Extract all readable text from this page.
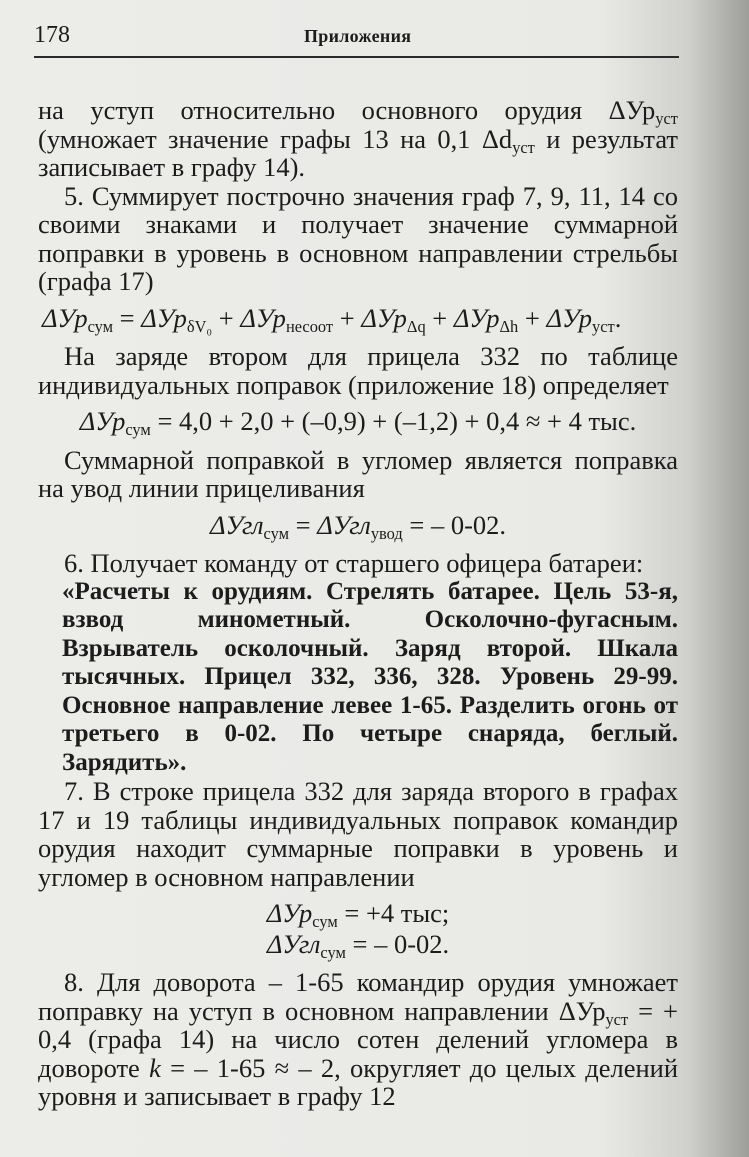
178	Приложения

на уступ относительно основного орудия ΔУр$_{уст}$ (умножает значение графы 13 на 0,1 $\Delta d_{уст}$ и результат записывает в графу 14).

5. Суммирует построчно значения граф 7, 9, 11, 14 со своими знаками и получает значение суммарной поправки в уровень в основном направлении стрельбы (графа 17)

ΔУр$_{сум}$ = ΔУр$_{\delta V_0}$ + ΔУр$_{несоот}$ + ΔУр$_{\Delta q}$ + ΔУр$_{\Delta h}$ + ΔУр$_{уст}$.

На заряде втором для прицела 332 по таблице индивидуальных поправок (приложение 18) определяет

ΔУр$_{сум}$ = 4,0 + 2,0 + (–0,9) + (–1,2) + 0,4 ≈ + 4 тыс.

Суммарной поправкой в угломер является поправка на увод линии прицеливания

ΔУгл$_{сум}$ = ΔУгл$_{увод}$ = – 0-02.

6. Получает команду от старшего офицера батареи:

«Расчеты к орудиям. Стрелять батарее. Цель 53-я, взвод минометный. Осколочно-фугасным. Взрыватель осколочный. Заряд второй. Шкала тысячных. Прицел 332, 336, 328. Уровень 29-99. Основное направление левее 1-65. Разделить огонь от третьего в 0-02. По четыре снаряда, беглый. Зарядить».

7. В строке прицела 332 для заряда второго в графах 17 и 19 таблицы индивидуальных поправок командир орудия находит суммарные поправки в уровень и угломер в основном направлении

ΔУр$_{сум}$ = +4 тыс;
ΔУгл$_{сум}$ = – 0-02.

8. Для доворота – 1-65 командир орудия умножает поправку на уступ в основном направлении ΔУр$_{уст}$ = + 0,4 (графа 14) на число сотен делений угломера в довороте k = – 1-65 ≈ – 2, округляет до целых делений уровня и записывает в графу 12
